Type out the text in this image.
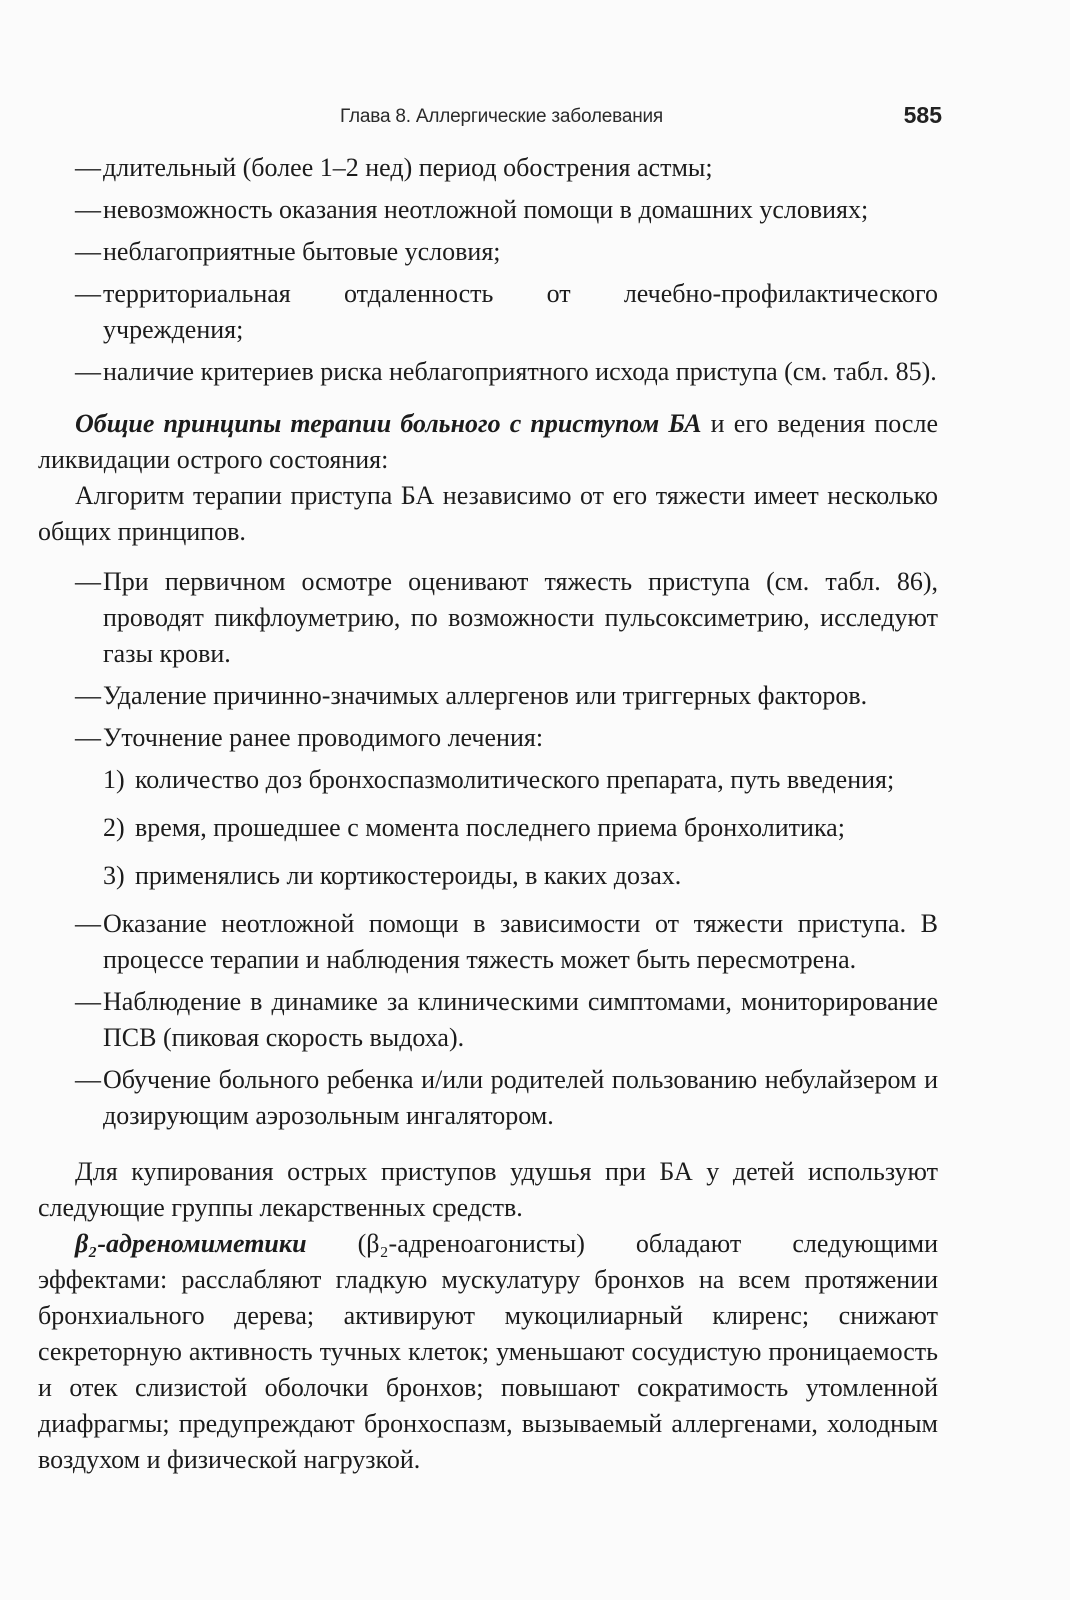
Глава 8. Аллергические заболевания	585
— длительный (более 1–2 нед) период обострения астмы;
— невозможность оказания неотложной помощи в домашних условиях;
— неблагоприятные бытовые условия;
— территориальная отдаленность от лечебно-профилактического учреждения;
— наличие критериев риска неблагоприятного исхода приступа (см. табл. 85).

Общие принципы терапии больного с приступом БА и его ведения после ликвидации острого состояния:

Алгоритм терапии приступа БА независимо от его тяжести имеет несколько общих принципов.

— При первичном осмотре оценивают тяжесть приступа (см. табл. 86), проводят пикфлоуметрию, по возможности пульсоксиметрию, исследуют газы крови.
— Удаление причинно-значимых аллергенов или триггерных факторов.
— Уточнение ранее проводимого лечения:
1) количество доз бронхоспазмолитического препарата, путь введения;
2) время, прошедшее с момента последнего приема бронхолитика;
3) применялись ли кортикостероиды, в каких дозах.
— Оказание неотложной помощи в зависимости от тяжести приступа. В процессе терапии и наблюдения тяжесть может быть пересмотрена.
— Наблюдение в динамике за клиническими симптомами, мониторирование ПСВ (пиковая скорость выдоха).
— Обучение больного ребенка и/или родителей пользованию небулайзером и дозирующим аэрозольным ингалятором.

Для купирования острых приступов удушья при БА у детей используют следующие группы лекарственных средств.

β₂-адреномиметики (β₂-адреноагонисты) обладают следующими эффектами: расслабляют гладкую мускулатуру бронхов на всем протяжении бронхиального дерева; активируют мукоцилиарный клиренс; снижают секреторную активность тучных клеток; уменьшают сосудистую проницаемость и отек слизистой оболочки бронхов; повышают сократимость утомленной диафрагмы; предупреждают бронхоспазм, вызываемый аллергенами, холодным воздухом и физической нагрузкой.
